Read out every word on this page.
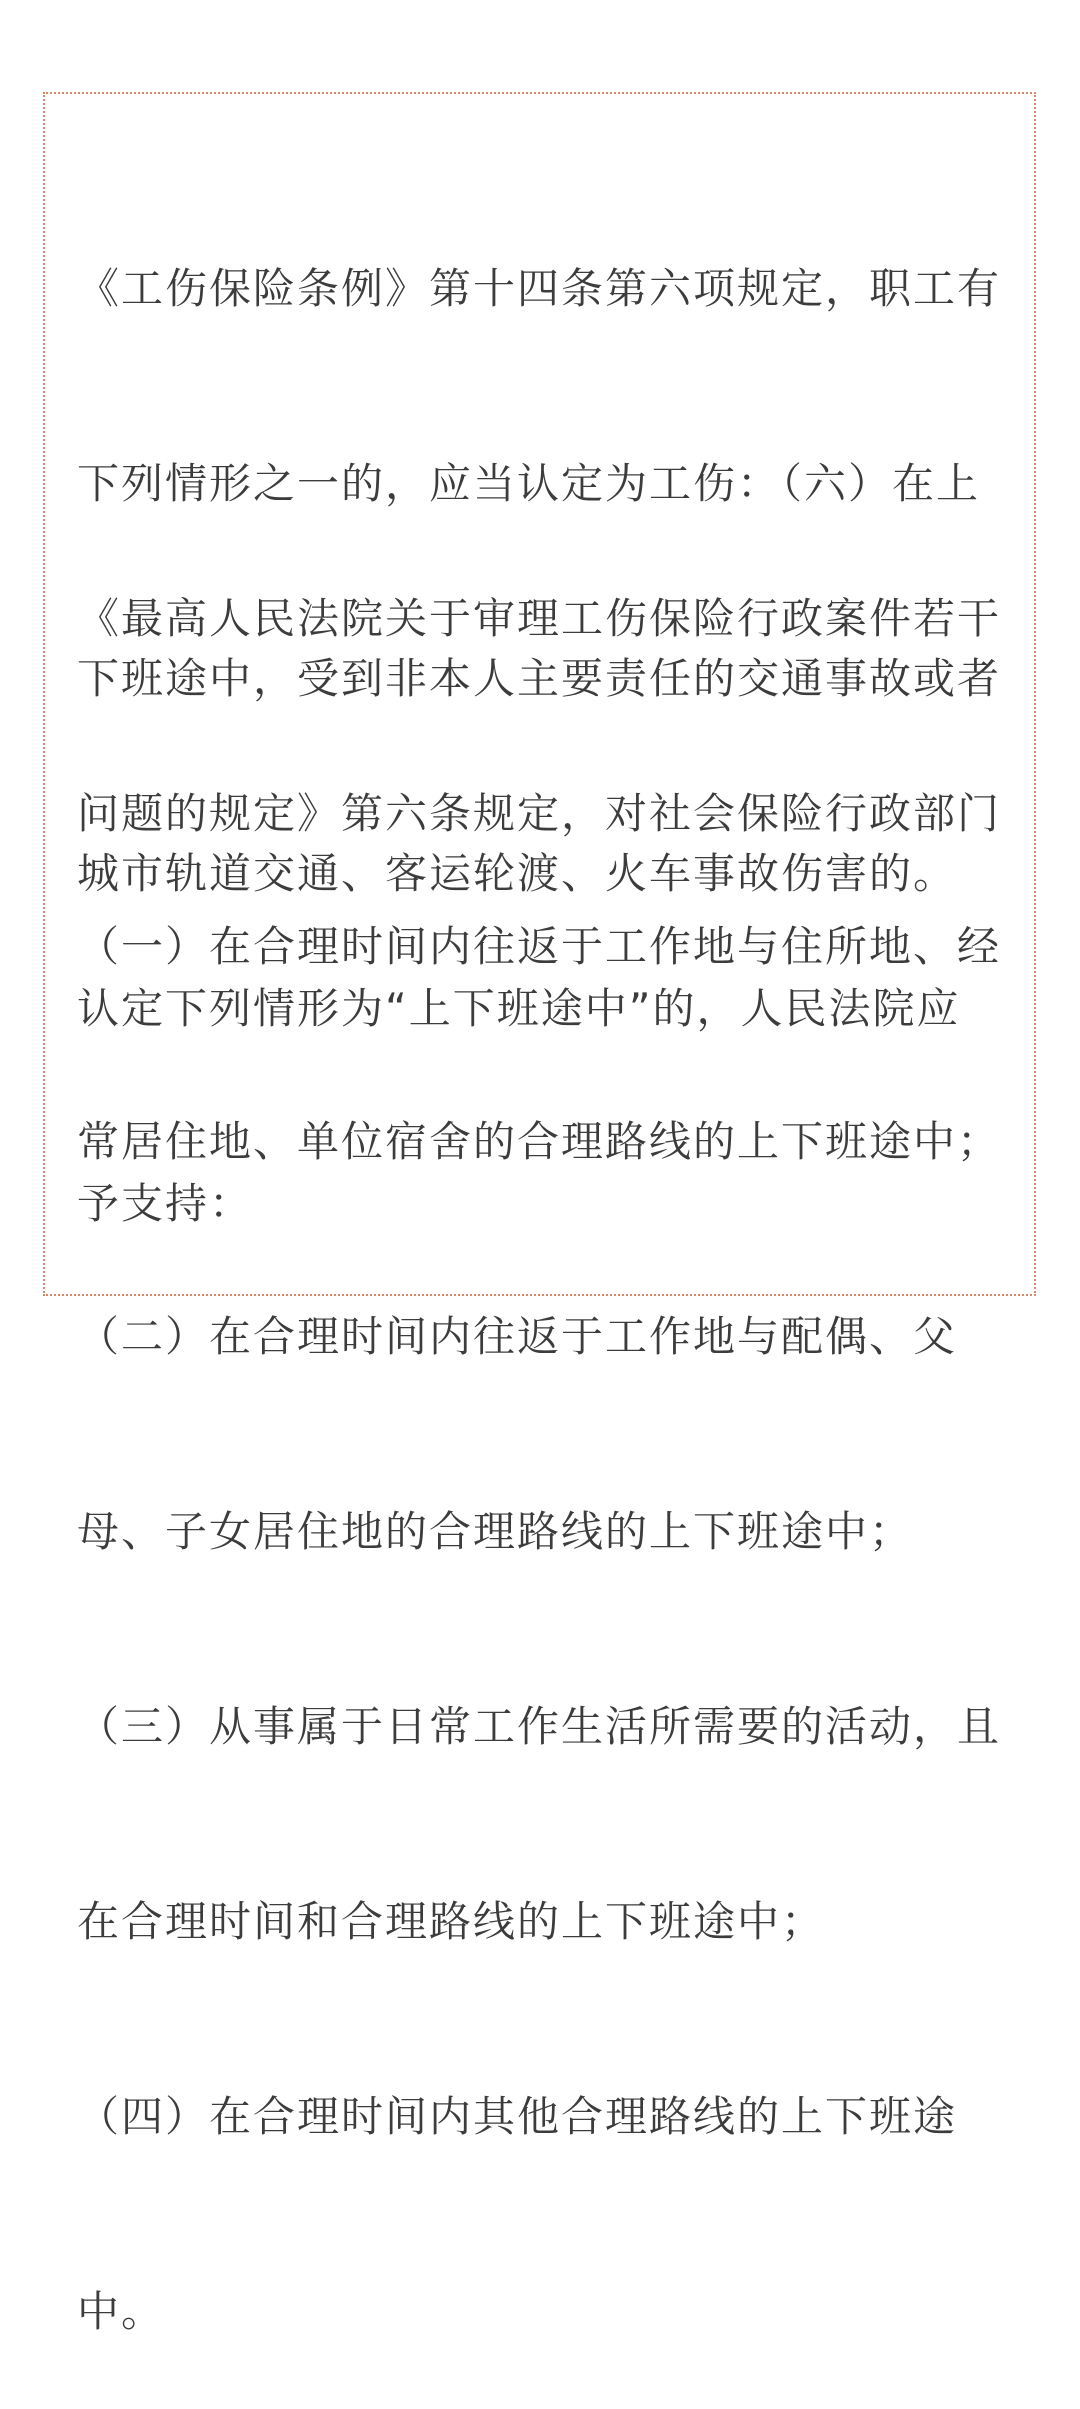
《工伤保险条例》第十四条第六项规定，职工有

下列情形之一的，应当认定为工伤：（六）在上

下班途中，受到非本人主要责任的交通事故或者

城市轨道交通、客运轮渡、火车事故伤害的。

《最高人民法院关于审理工伤保险行政案件若干

问题的规定》第六条规定，对社会保险行政部门

认定下列情形为“上下班途中”的，人民法院应

予支持：

（一）在合理时间内往返于工作地与住所地、经

常居住地、单位宿舍的合理路线的上下班途中；

（二）在合理时间内往返于工作地与配偶、父

母、子女居住地的合理路线的上下班途中；

（三）从事属于日常工作生活所需要的活动，且

在合理时间和合理路线的上下班途中；

（四）在合理时间内其他合理路线的上下班途

中。
